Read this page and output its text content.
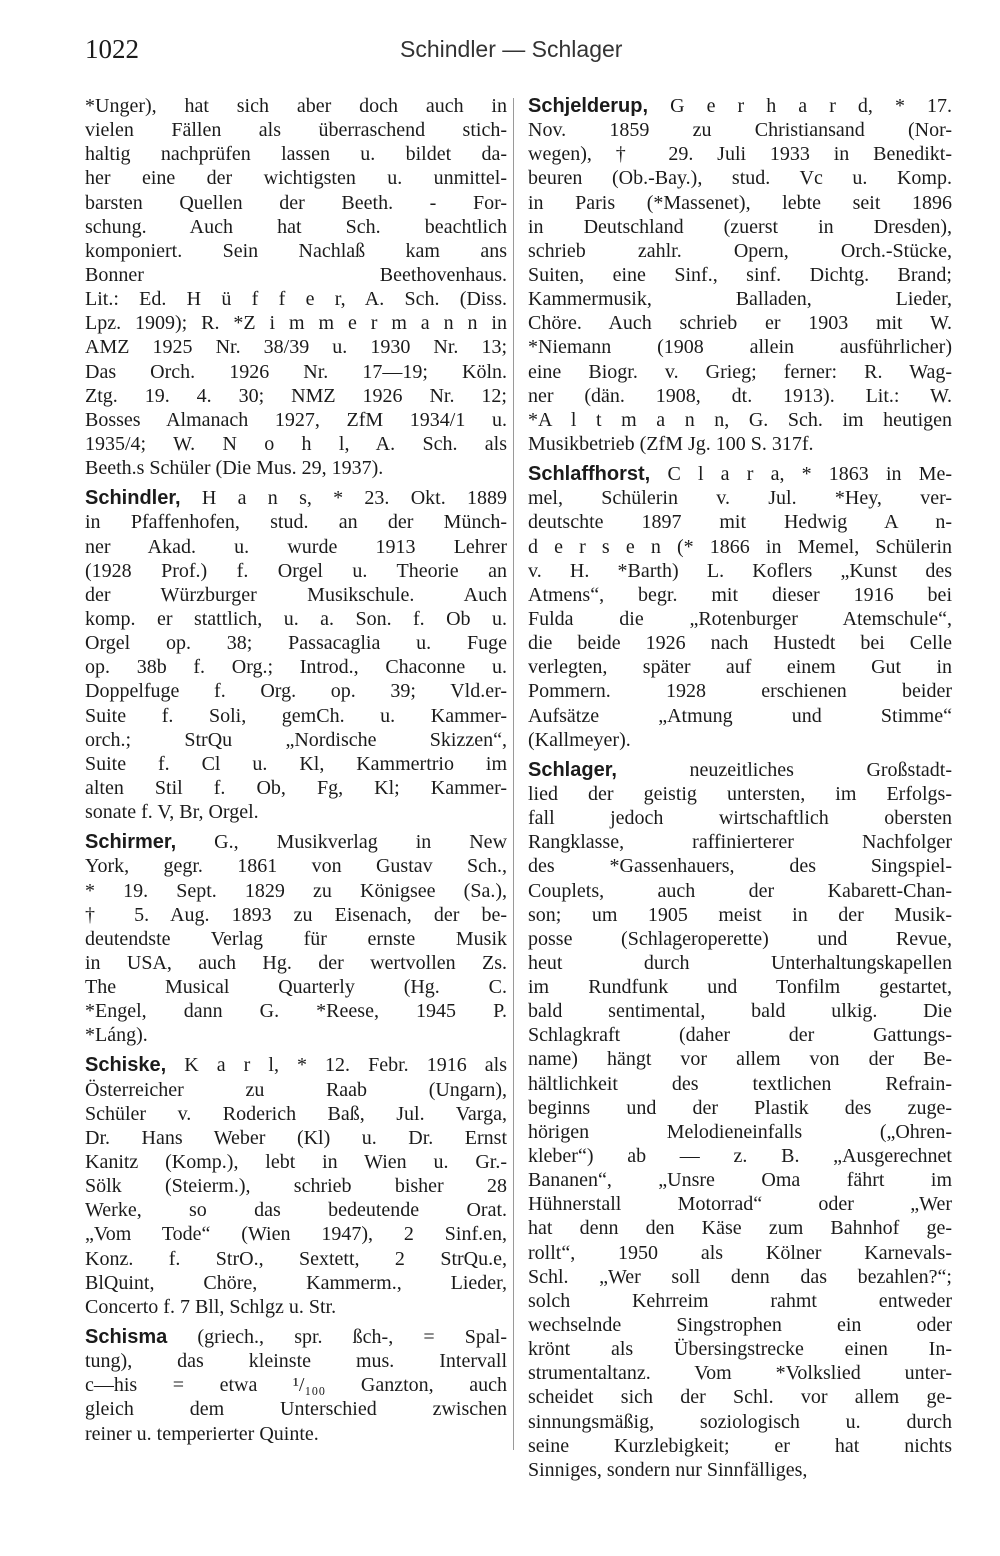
1022	Schindler — Schlager
*Unger), hat sich aber doch auch in
vielen Fällen als überraschend stich-
haltig nachprüfen lassen u. bildet da-
her eine der wichtigsten u. unmittel-
barsten Quellen der Beeth. - For-
schung. Auch hat Sch. beachtlich
komponiert. Sein Nachlaß kam ans
Bonner Beethovenhaus.
Lit.: Ed. H ü f f e r, A. Sch. (Diss.
Lpz. 1909); R. *Z i m m e r m a n n in
AMZ 1925 Nr. 38/39 u. 1930 Nr. 13;
Das Orch. 1926 Nr. 17—19; Köln.
Ztg. 19. 4. 30; NMZ 1926 Nr. 12;
Bosses Almanach 1927, ZfM 1934/1 u.
1935/4; W. N o h l, A. Sch. als
Beeth.s Schüler (Die Mus. 29, 1937).
Schindler, H a n s, * 23. Okt. 1889
in Pfaffenhofen, stud. an der Münch-
ner Akad. u. wurde 1913 Lehrer
(1928 Prof.) f. Orgel u. Theorie an
der Würzburger Musikschule. Auch
komp. er stattlich, u. a. Son. f. Ob u.
Orgel op. 38; Passacaglia u. Fuge
op. 38b f. Org.; Introd., Chaconne u.
Doppelfuge f. Org. op. 39; Vld.er-
Suite f. Soli, gemCh. u. Kammer-
orch.; StrQu „Nordische Skizzen“,
Suite f. Cl u. Kl, Kammertrio im
alten Stil f. Ob, Fg, Kl; Kammer-
sonate f. V, Br, Orgel.
Schirmer, G., Musikverlag in New
York, gegr. 1861 von Gustav Sch.,
* 19. Sept. 1829 zu Königsee (Sa.),
† 5. Aug. 1893 zu Eisenach, der be-
deutendste Verlag für ernste Musik
in USA, auch Hg. der wertvollen Zs.
The Musical Quarterly (Hg. C.
*Engel, dann G. *Reese, 1945 P.
*Láng).
Schiske, K a r l, * 12. Febr. 1916 als
Österreicher zu Raab (Ungarn),
Schüler v. Roderich Baß, Jul. Varga,
Dr. Hans Weber (Kl) u. Dr. Ernst
Kanitz (Komp.), lebt in Wien u. Gr.-
Sölk (Steierm.), schrieb bisher 28
Werke, so das bedeutende Orat.
„Vom Tode“ (Wien 1947), 2 Sinf.en,
Konz. f. StrO., Sextett, 2 StrQu.e,
BlQuint, Chöre, Kammerm., Lieder,
Concerto f. 7 Bll, Schlgz u. Str.
Schisma (griech., spr. ßch-, = Spal-
tung), das kleinste mus. Intervall
c—his = etwa ¹/₁₀₀ Ganzton, auch
gleich dem Unterschied zwischen
reiner u. temperierter Quinte.
Schjelderup, G e r h a r d, * 17.
Nov. 1859 zu Christiansand (Nor-
wegen), † 29. Juli 1933 in Benedikt-
beuren (Ob.-Bay.), stud. Vc u. Komp.
in Paris (*Massenet), lebte seit 1896
in Deutschland (zuerst in Dresden),
schrieb zahlr. Opern, Orch.-Stücke,
Suiten, eine Sinf., sinf. Dichtg. Brand;
Kammermusik, Balladen, Lieder,
Chöre. Auch schrieb er 1903 mit W.
*Niemann (1908 allein ausführlicher)
eine Biogr. v. Grieg; ferner: R. Wag-
ner (dän. 1908, dt. 1913). Lit.: W.
*A l t m a n n, G. Sch. im heutigen
Musikbetrieb (ZfM Jg. 100 S. 317f.
Schlaffhorst, C l a r a, * 1863 in Me-
mel, Schülerin v. Jul. *Hey, ver-
deutschte 1897 mit Hedwig A n-
d e r s e n (* 1866 in Memel, Schülerin
v. H. *Barth) L. Koflers „Kunst des
Atmens“, begr. mit dieser 1916 bei
Fulda die „Rotenburger Atemschule“,
die beide 1926 nach Hustedt bei Celle
verlegten, später auf einem Gut in
Pommern. 1928 erschienen beider
Aufsätze „Atmung und Stimme“
(Kallmeyer).
Schlager,	neuzeitliches Großstadt-
lied der geistig untersten, im Erfolgs-
fall jedoch wirtschaftlich obersten
Rangklasse, raffinierterer Nachfolger
des *Gassenhauers, des Singspiel-
Couplets, auch der Kabarett-Chan-
son; um 1905 meist in der Musik-
posse (Schlageroperette) und Revue,
heut durch Unterhaltungskapellen
im Rundfunk und Tonfilm gestartet,
bald sentimental, bald ulkig. Die
Schlagkraft (daher der Gattungs-
name) hängt vor allem von der Be-
hältlichkeit des textlichen Refrain-
beginns und der Plastik des zuge-
hörigen Melodieneinfalls („Ohren-
kleber“) ab — z. B. „Ausgerechnet
Bananen“, „Unsre Oma fährt im
Hühnerstall Motorrad“ oder „Wer
hat denn den Käse zum Bahnhof ge-
rollt“, 1950 als Kölner Karnevals-
Schl. „Wer soll denn das bezahlen?“;
solch Kehrreim rahmt entweder
wechselnde Singstrophen ein oder
krönt als Übersingstrecke einen In-
strumentaltanz. Vom *Volkslied unter-
scheidet sich der Schl. vor allem ge-
sinnungsmäßig, soziologisch u. durch
seine Kurzlebigkeit; er hat nichts
Sinniges, sondern nur Sinnfälliges,
